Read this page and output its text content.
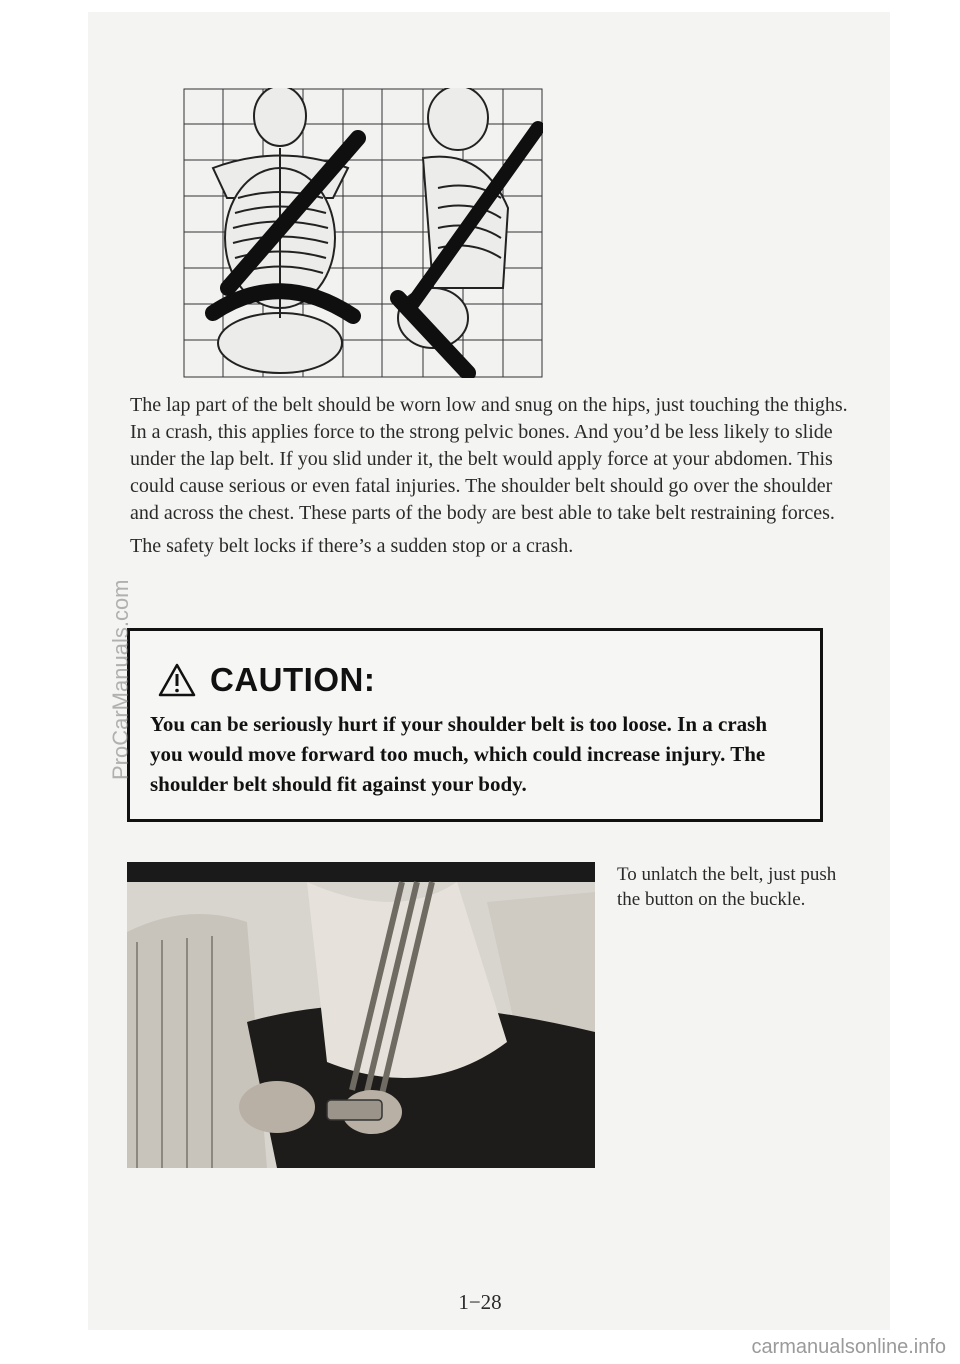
The lap part of the belt should be worn low and snug on the hips, just touching the thighs. In a crash, this applies force to the strong pelvic bones. And you’d be less likely to slide under the lap belt. If you slid under it, the belt would apply force at your abdomen. This could cause serious or even fatal injuries. The shoulder belt should go over the shoulder and across the chest. These parts of the body are best able to take belt restraining forces.

The safety belt locks if there’s a sudden stop or a crash.

CAUTION:
You can be seriously hurt if your shoulder belt is too loose. In a crash you would move forward too much, which could increase injury. The shoulder belt should fit against your body.
To unlatch the belt, just push the button on the buckle.
1−28
ProCarManuals.com
carmanualsonline.info
